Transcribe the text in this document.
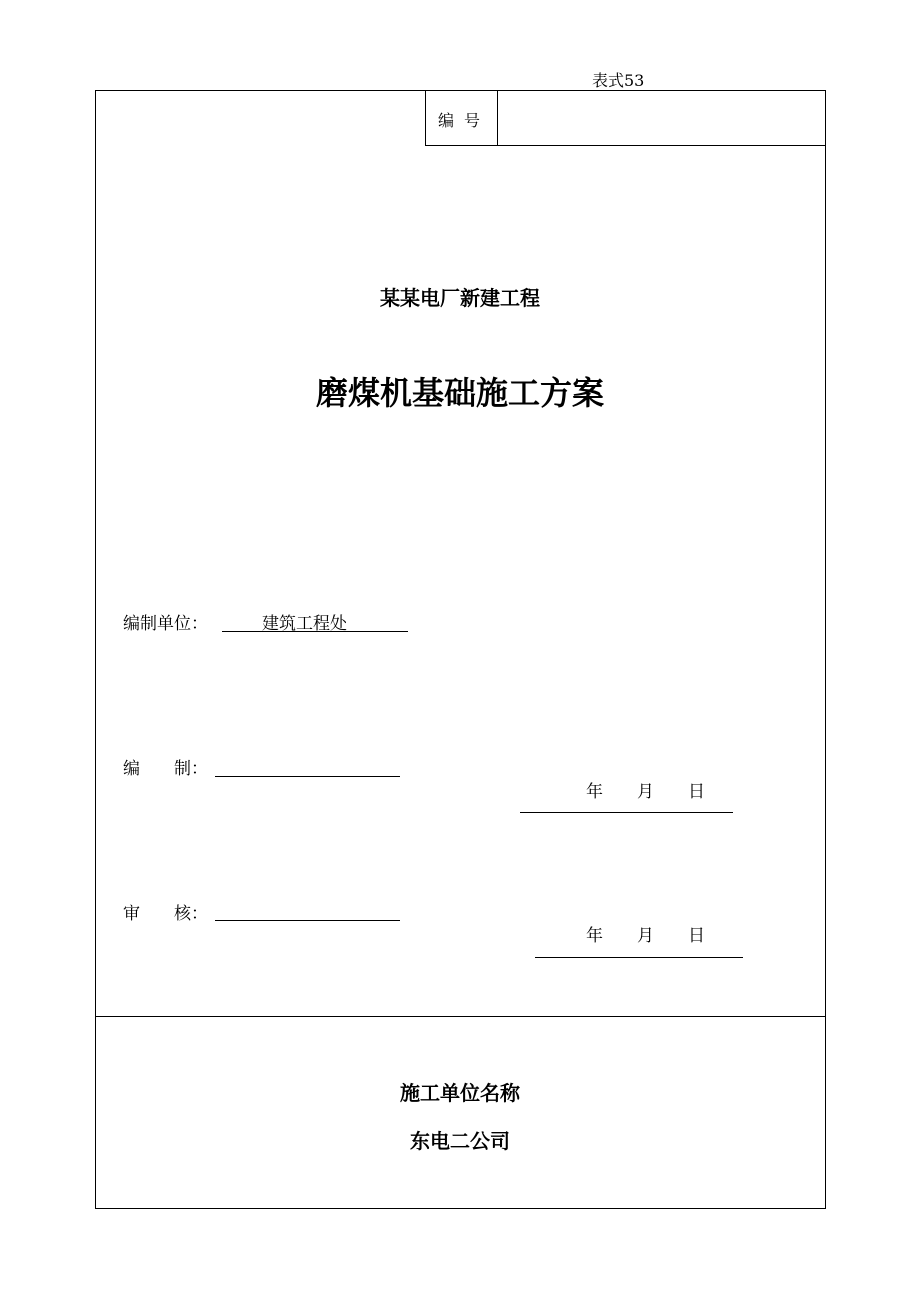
表式53
编号
某某电厂新建工程
磨煤机基础施工方案
编制单位：	建筑工程处
编　　制：
年　　月　　日
审　　核：
年　　月　　日
施工单位名称
东电二公司
